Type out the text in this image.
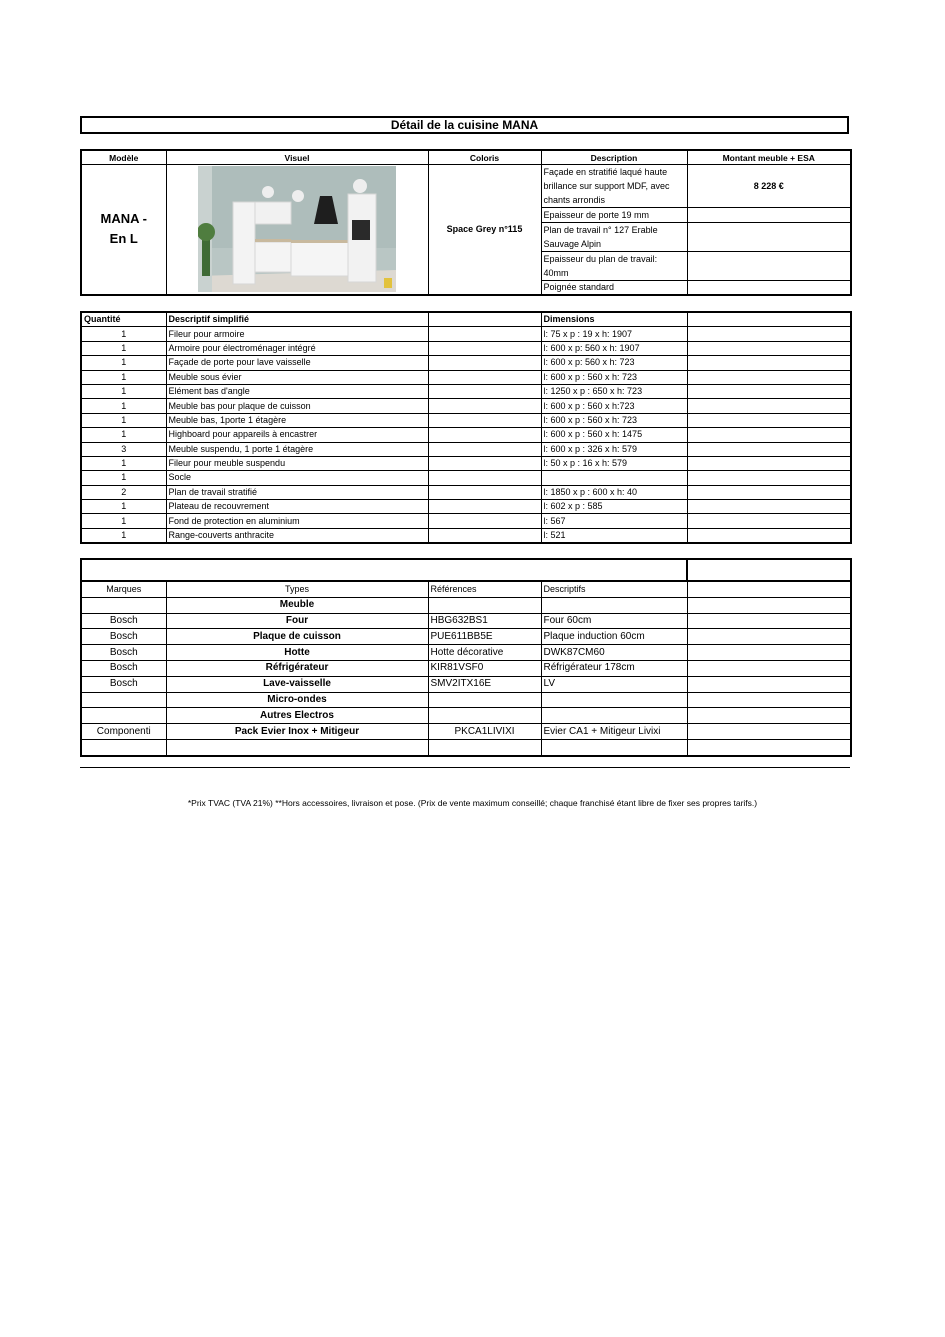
Détail de la cuisine MANA
Modèle	Visuel	Coloris	Description	Montant meuble + ESA

MANA -
En L		Space Grey n°115	Façade en stratifié laqué haute brillance sur support MDF, avec chants arrondis	8 228 €
			Epaisseur de porte 19 mm	
			Plan de travail n° 127 Erable Sauvage Alpin	
			Epaisseur du plan de travail: 40mm	
			Poignée standard	
Quantité	Descriptif simplifié		Dimensions	
1	Fileur pour armoire		l: 75 x p : 19 x h: 1907	
1	Armoire pour électroménager intégré		l: 600 x p: 560 x h: 1907	
1	Façade de porte pour lave vaisselle		l: 600 x p: 560 x h: 723	
1	Meuble sous évier		l: 600 x p : 560 x h: 723	
1	Elément bas d'angle		l: 1250 x p : 650 x h: 723	
1	Meuble bas pour plaque de cuisson		l: 600 x p : 560 x h:723	
1	Meuble bas, 1porte 1 étagère		l: 600 x p : 560 x h: 723	
1	Highboard pour appareils à encastrer		l: 600 x p : 560 x h: 1475	
3	Meuble suspendu, 1 porte 1 étagère		l: 600 x p : 326 x h: 579	
1	Fileur pour meuble suspendu		l: 50 x p : 16 x h: 579	
1	Socle			
2	Plan de travail stratifié		l: 1850 x p : 600 x h: 40	
1	Plateau de recouvrement		l: 602 x p : 585	
1	Fond de protection en aluminium		l: 567	
1	Range-couverts anthracite		l: 521	

Marques	Types	Références	Descriptifs	
	Meuble			
Bosch	Four	HBG632BS1	Four 60cm	
Bosch	Plaque de cuisson	PUE611BB5E	Plaque induction 60cm	
Bosch	Hotte	Hotte décorative	DWK87CM60	
Bosch	Réfrigérateur	KIR81VSF0	Réfrigérateur 178cm	
Bosch	Lave-vaisselle	SMV2ITX16E	LV	
	Micro-ondes			
	Autres Electros			
Componenti	Pack Evier Inox + Mitigeur	PKCA1LIVIXI	Evier CA1 + Mitigeur Livixi	

*Prix TVAC (TVA 21%) **Hors accessoires, livraison et pose. (Prix de vente maximum conseillé; chaque franchisé étant libre de fixer ses propres tarifs.)
